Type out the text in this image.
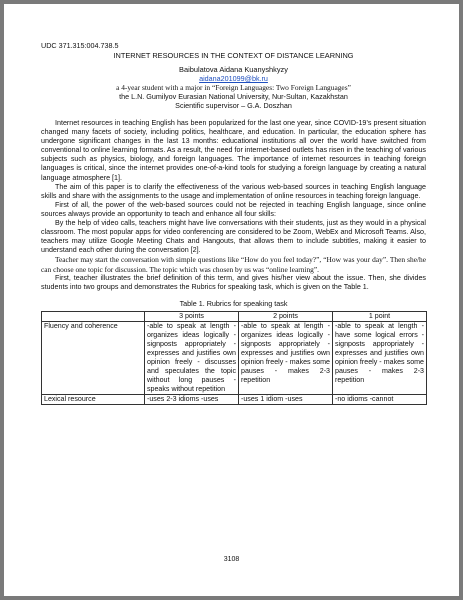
UDC 371.315:004.738.5
INTERNET RESOURCES IN THE CONTEXT OF DISTANCE LEARNING
Baibulatova Aidana Kuanyshkyzy
aidana201099@bk.ru
a 4-year student with a major in “Foreign Languages: Two Foreign Languages”
the L.N. Gumilyov Eurasian National University, Nur-Sultan, Kazakhstan
Scientific supervisor – G.A. Doszhan

Internet resources in teaching English has been popularized for the last one year, since COVID-19’s present situation changed many facets of society, including politics, healthcare, and education. In particular, the education sphere has undergone significant changes in the last 13 months: educational institutions all over the world have switched from conventional to online learning formats. As a result, the need for internet-based outlets has risen in the teaching of various subjects such as physics, biology, and foreign languages. The importance of internet resources in teaching foreign languages is critical, since the internet provides one-of-a-kind tools for studying a foreign language by creating a natural language atmosphere [1].

The aim of this paper is to clarify the effectiveness of the various web-based sources in teaching English language skills and share with the assignments to the usage and implementation of online resources in teaching foreign language.

First of all, the power of the web-based sources could not be rejected in teaching English language, since online sources always provide an opportunity to teach and enhance all four skills:

By the help of video calls, teachers might have live conversations with their students, just as they would in a physical classroom. The most popular apps for video conferencing are considered to be Zoom, WebEx and Microsoft Teams. Also, teachers may utilize Google Meeting Chats and Hangouts, that allows them to include subtitles, making it easier to understand each other during the conversation [2].

Teacher may start the conversation with simple questions like “How do you feel today?”, “How was your day”. Then she/he can choose one topic for discussion. The topic which was chosen by us was “online learning”.

First, teacher illustrates the brief definition of this term, and gives his/her view about the issue. Then, she divides students into two groups and demonstrates the Rubrics for speaking task, which is given on the Table 1.

Table 1. Rubrics for speaking task
	3 points	2 points	1 point
Fluency and coherence	-able to speak at length -organizes ideas logically -signposts appropriately - expresses and justifies own opinion freely - discusses and speculates the topic without long pauses - speaks without repetition	-able to speak at length -organizes ideas logically -signposts appropriately - expresses and justifies own opinion freely - makes some pauses - makes 2-3 repetition	-able to speak at length -have some logical errors -signposts appropriately - expresses and justifies own opinion freely - makes some pauses - makes 2-3 repetition
Lexical resource	-uses 2-3 idioms -uses	-uses 1 idiom -uses	-no idioms -cannot
3108
